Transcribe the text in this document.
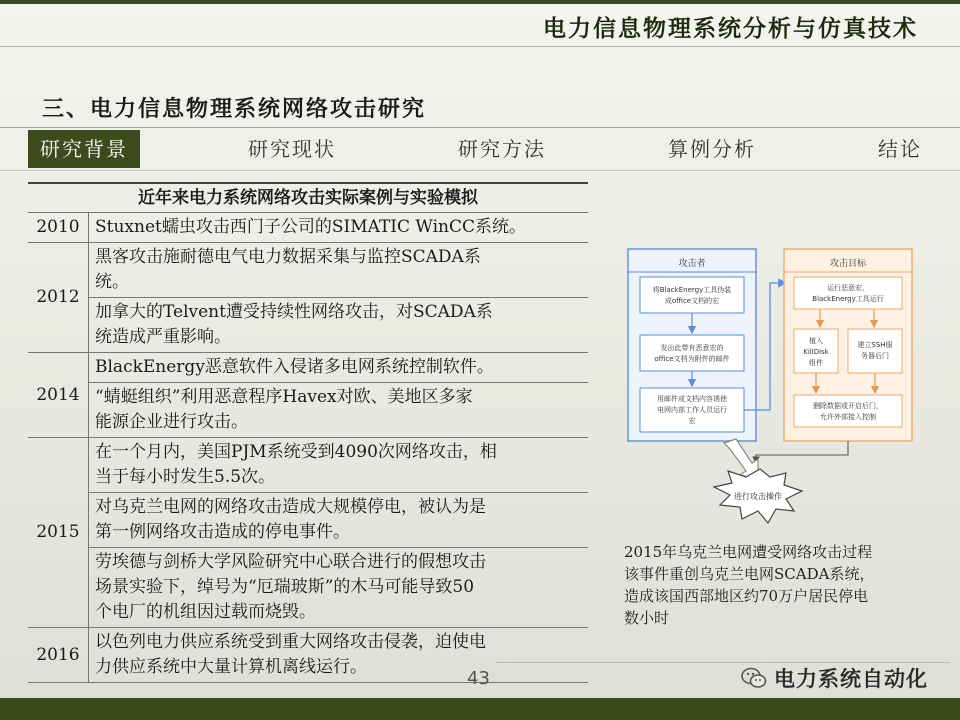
电力信息物理系统分析与仿真技术
三、电力信息物理系统网络攻击研究
研究背景	研究现状	研究方法	算例分析	结论
近年来电力系统网络攻击实际案例与实验模拟	
2010	Stuxnet蠕虫攻击西门子公司的SIMATIC WinCC系统。

2012	黑客攻击施耐德电气电力数据采集与监控SCADA系
统。

	加拿大的Telvent遭受持续性网络攻击，对SCADA系
统造成严重影响。

2014	BlackEnergy恶意软件入侵诸多电网系统控制软件。

	“蜻蜓组织”利用恶意程序Havex对欧、美地区多家
能源企业进行攻击。

2015	在一个月内，美国PJM系统受到4090次网络攻击，相
当于每小时发生5.5次。

	对乌克兰电网的网络攻击造成大规模停电，被认为是
第一例网络攻击造成的停电事件。

	劳埃德与剑桥大学风险研究中心联合进行的假想攻击
场景实验下，绰号为“厄瑞玻斯”的木马可能导致50
个电厂的机组因过载而烧毁。

2016	以色列电力供应系统受到重大网络攻击侵袭，迫使电
力供应系统中大量计算机离线运行。
攻击者
将BlackEnergy工具伪装
成office文档的宏
发出此带有恶意宏的
office文档为附件的邮件
用邮件或文档内容诱使
电网内部工作人员运行
宏
攻击目标
运行恶意宏，
BlackEnergy工具运行
植入
KillDisk
组件
建立SSH服
务器后门
删除数据或开启后门，
允许外部接入控制
进行攻击操作
2015年乌克兰电网遭受网络攻击过程
该事件重创乌克兰电网SCADA系统，
造成该国西部地区约70万户居民停电
数小时
43	电力系统自动化
